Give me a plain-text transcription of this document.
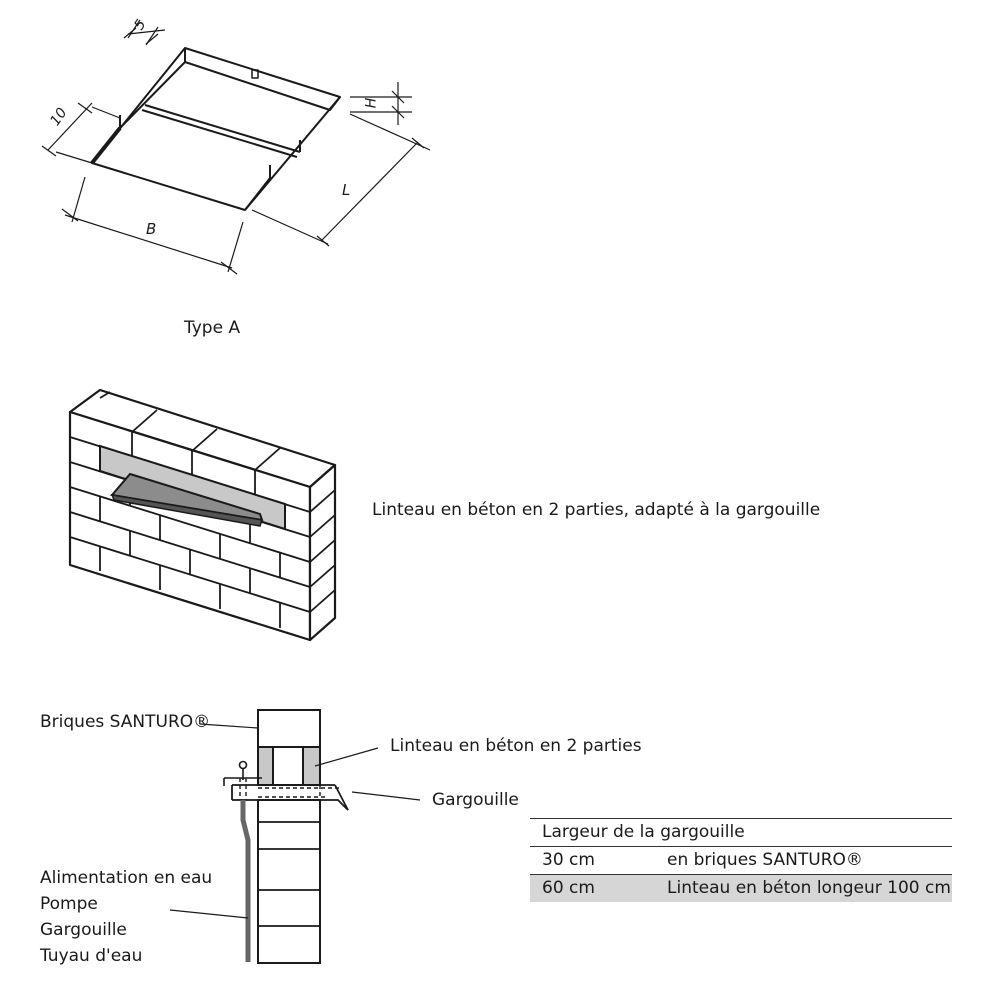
5
10
H
B
L
Type A
Linteau en béton en 2 parties, adapté à la gargouille
Briques SANTURO®
Linteau en béton en 2 parties
Gargouille
Alimentation en eau
Pompe
Gargouille
Tuyau d'eau
Largeur de la gargouille	
30 cm	en briques SANTURO®
60 cm	Linteau en béton longeur 100 cm
